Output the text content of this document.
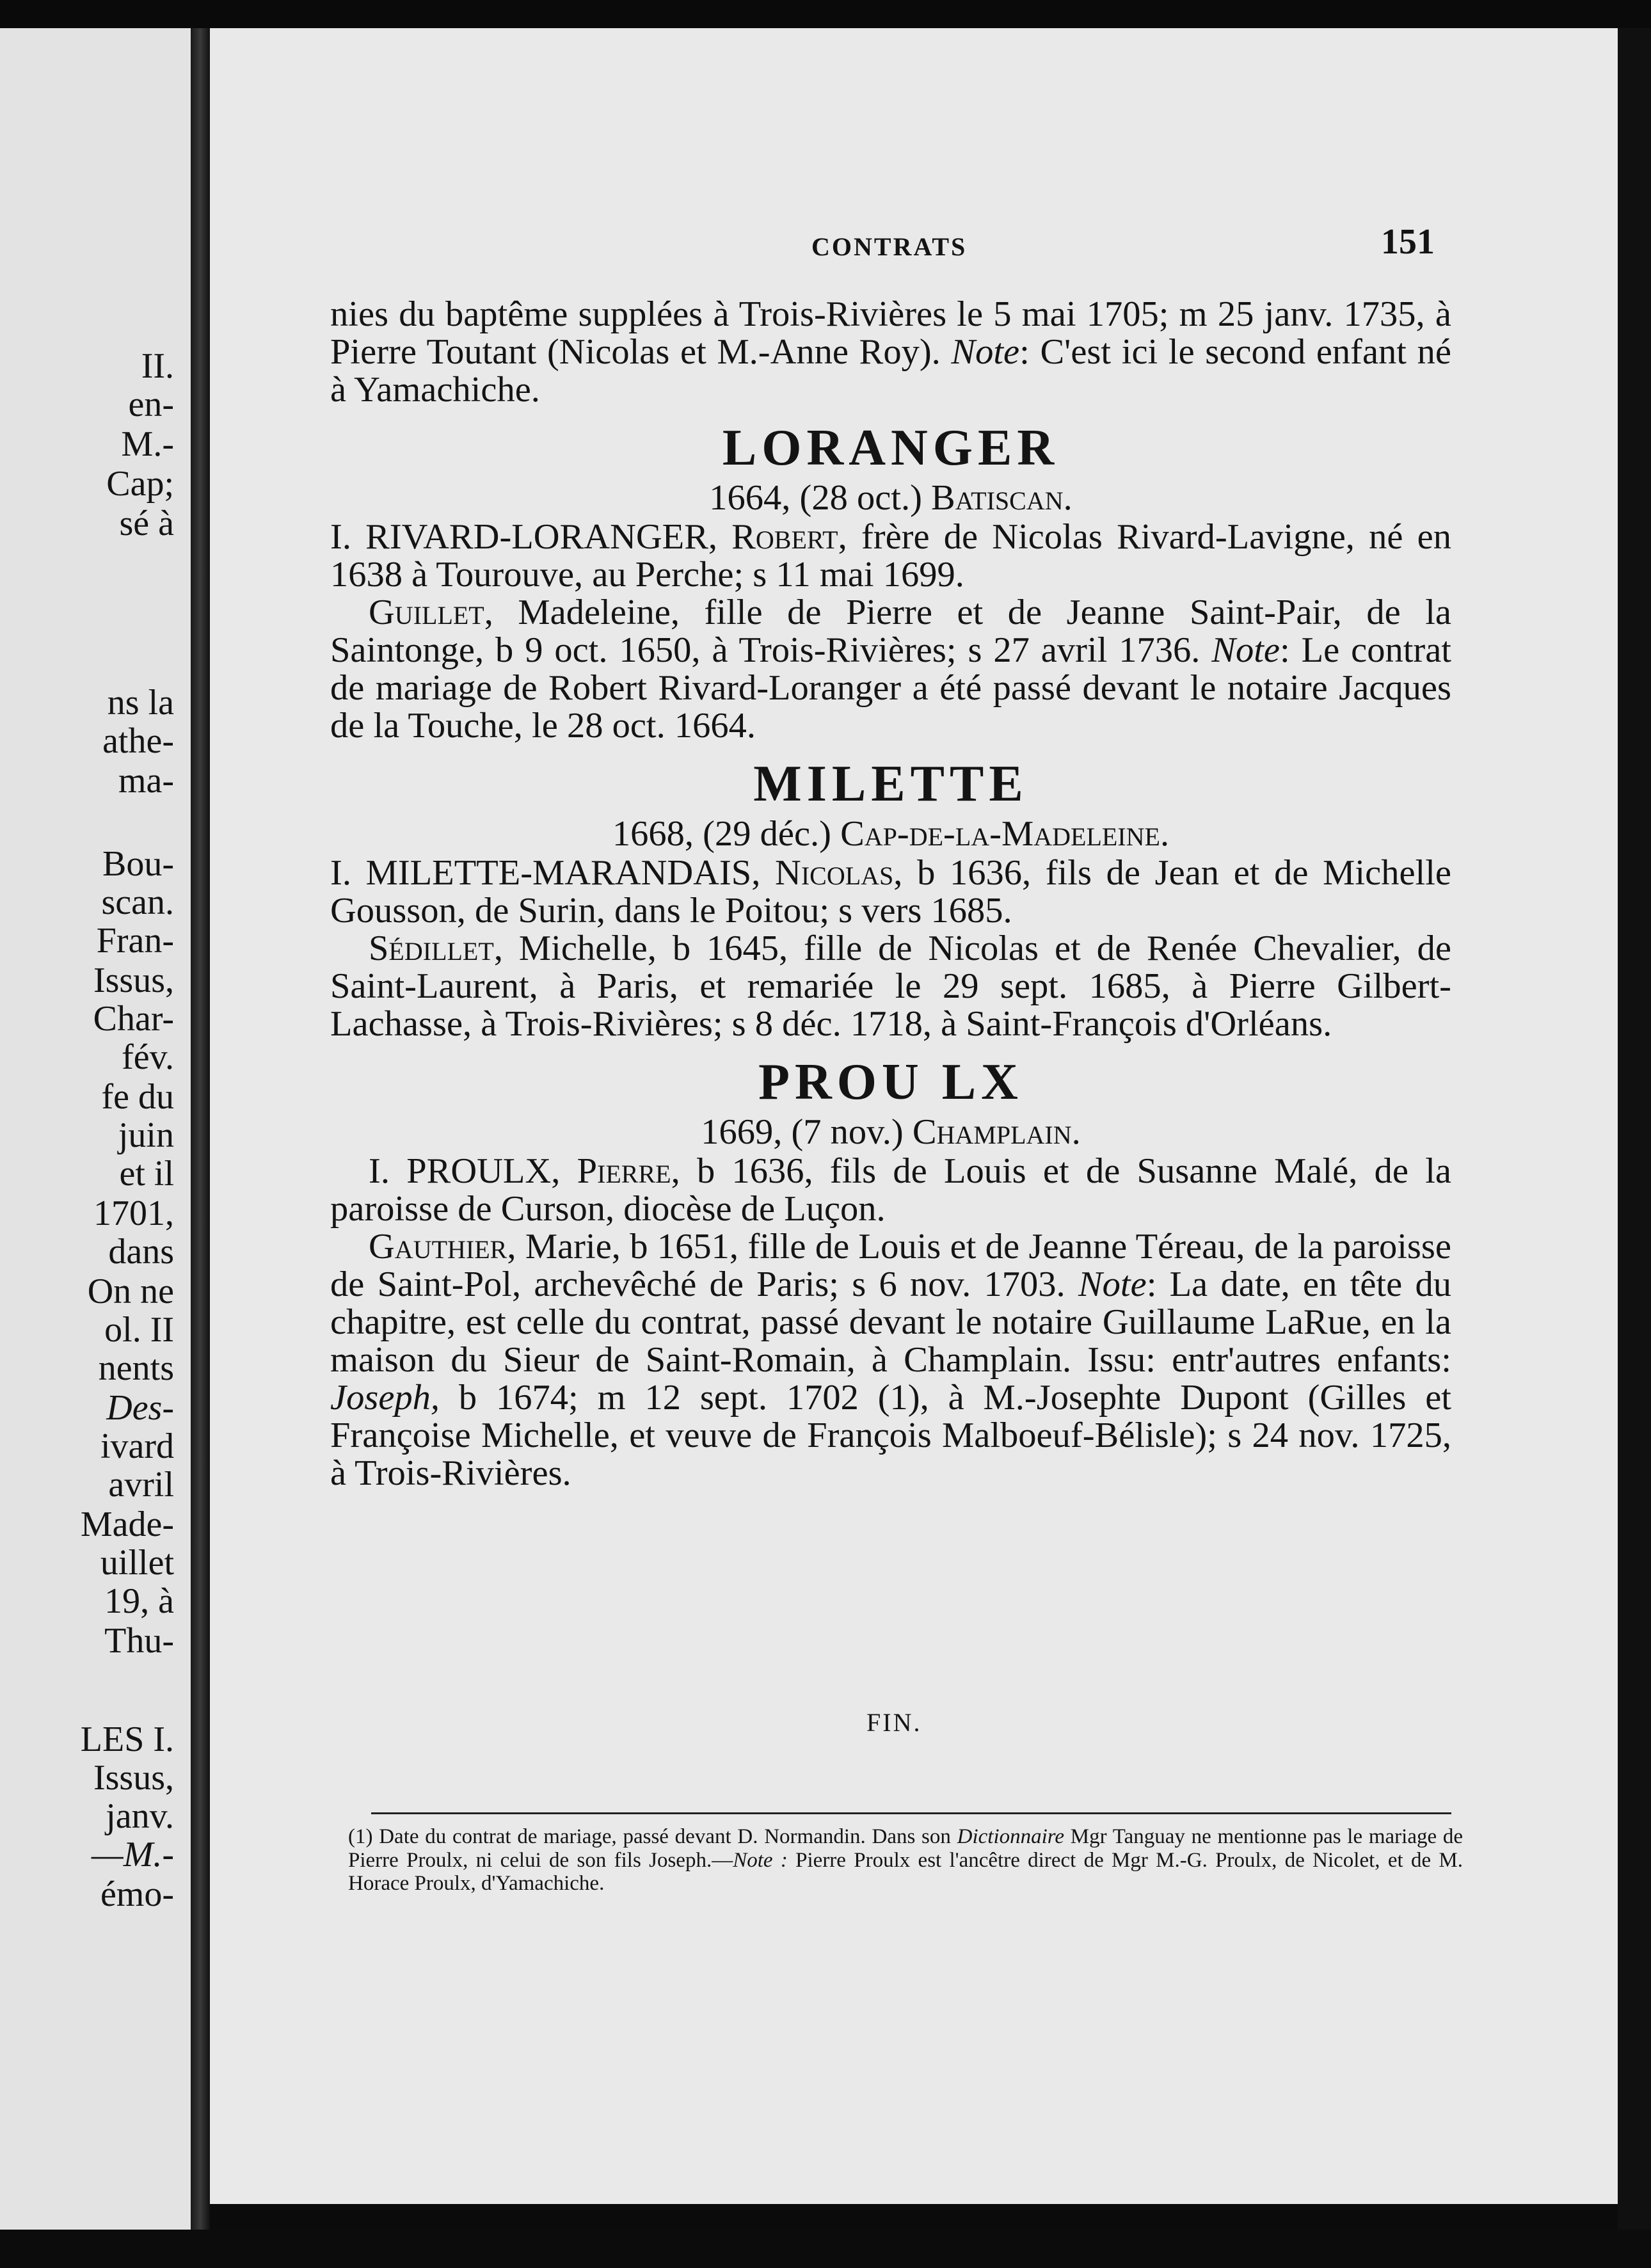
II.
en-
M.-
Cap;
sé à
ns la
athe-
ma-
Bou-
scan.
Fran-
Issus,
Char-
fév.
fe du
juin
et il
1701,
dans
On ne
ol. II
nents
Des-
ivard
avril
Made-
uillet
19, à
Thu-
LES I.
Issus,
janv.
—M.-
émo-
CONTRATS	151

nies du baptême supplées à Trois-Rivières le 5 mai 1705; m 25 janv. 1735, à Pierre Toutant (Nicolas et M.-Anne Roy). Note: C'est ici le second enfant né à Yamachiche.

LORANGER
1664, (28 oct.) Batiscan.

I. RIVARD-LORANGER, Robert, frère de Nicolas Rivard-Lavigne, né en 1638 à Tourouve, au Perche; s 11 mai 1699.

Guillet, Madeleine, fille de Pierre et de Jeanne Saint-Pair, de la Saintonge, b 9 oct. 1650, à Trois-Rivières; s 27 avril 1736. Note: Le contrat de mariage de Robert Rivard-Loranger a été passé devant le notaire Jacques de la Touche, le 28 oct. 1664.

MILETTE
1668, (29 déc.) Cap-de-la-Madeleine.

I. MILETTE-MARANDAIS, Nicolas, b 1636, fils de Jean et de Michelle Gousson, de Surin, dans le Poitou; s vers 1685.

Sédillet, Michelle, b 1645, fille de Nicolas et de Renée Chevalier, de Saint-Laurent, à Paris, et remariée le 29 sept. 1685, à Pierre Gilbert-Lachasse, à Trois-Rivières; s 8 déc. 1718, à Saint-François d'Orléans.

PROU LX
1669, (7 nov.) Champlain.

I. PROULX, Pierre, b 1636, fils de Louis et de Susanne Malé, de la paroisse de Curson, diocèse de Luçon.

Gauthier, Marie, b 1651, fille de Louis et de Jeanne Téreau, de la paroisse de Saint-Pol, archevêché de Paris; s 6 nov. 1703. Note: La date, en tête du chapitre, est celle du contrat, passé devant le notaire Guillaume LaRue, en la maison du Sieur de Saint-Romain, à Champlain. Issu: entr'autres enfants: Joseph, b 1674; m 12 sept. 1702 (1), à M.-Josephte Dupont (Gilles et Françoise Michelle, et veuve de François Malboeuf-Bélisle); s 24 nov. 1725, à Trois-Rivières.

FIN.
(1) Date du contrat de mariage, passé devant D. Normandin. Dans son Dictionnaire Mgr Tanguay ne mentionne pas le mariage de Pierre Proulx, ni celui de son fils Joseph.—Note : Pierre Proulx est l'ancêtre direct de Mgr M.-G. Proulx, de Nicolet, et de M. Horace Proulx, d'Yamachiche.
